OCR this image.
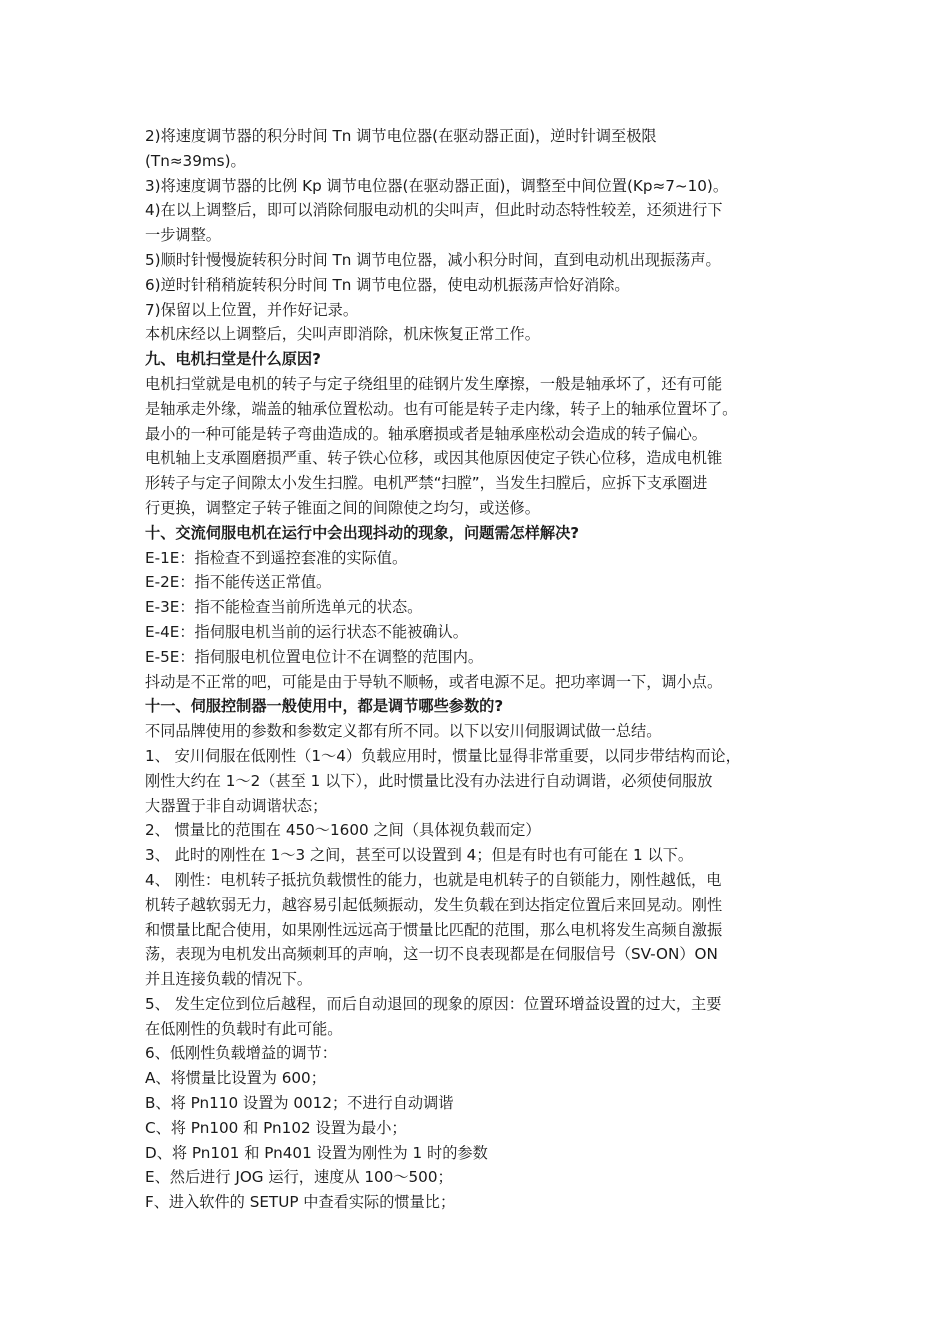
2)将速度调节器的积分时间 Tn 调节电位器(在驱动器正面)，逆时针调至极限
(Tn≈39ms)。
3)将速度调节器的比例 Kp 调节电位器(在驱动器正面)，调整至中间位置(Kp≈7~10)。
4)在以上调整后，即可以消除伺服电动机的尖叫声，但此时动态特性较差，还须进行下
一步调整。
5)顺时针慢慢旋转积分时间 Tn 调节电位器，减小积分时间，直到电动机出现振荡声。
6)逆时针稍稍旋转积分时间 Tn 调节电位器，使电动机振荡声恰好消除。
7)保留以上位置，并作好记录。
本机床经以上调整后，尖叫声即消除，机床恢复正常工作。
九、电机扫堂是什么原因?
电机扫堂就是电机的转子与定子绕组里的硅钢片发生摩擦，一般是轴承坏了，还有可能
是轴承走外缘，端盖的轴承位置松动。也有可能是转子走内缘，转子上的轴承位置坏了。
最小的一种可能是转子弯曲造成的。轴承磨损或者是轴承座松动会造成的转子偏心。
电机轴上支承圈磨损严重、转子铁心位移，或因其他原因使定子铁心位移，造成电机锥
形转子与定子间隙太小发生扫膛。电机严禁“扫膛”，当发生扫膛后，应拆下支承圈进
行更换，调整定子转子锥面之间的间隙使之均匀，或送修。
十、交流伺服电机在运行中会出现抖动的现象，问题需怎样解决?
E-1E：指检查不到遥控套准的实际值。
E-2E：指不能传送正常值。
E-3E：指不能检查当前所选单元的状态。
E-4E：指伺服电机当前的运行状态不能被确认。
E-5E：指伺服电机位置电位计不在调整的范围内。
抖动是不正常的吧，可能是由于导轨不顺畅，或者电源不足。把功率调一下，调小点。
十一、伺服控制器一般使用中，都是调节哪些参数的?
不同品牌使用的参数和参数定义都有所不同。以下以安川伺服调试做一总结。
1、 安川伺服在低刚性（1～4）负载应用时，惯量比显得非常重要，以同步带结构而论，
刚性大约在 1～2（甚至 1 以下），此时惯量比没有办法进行自动调谐，必须使伺服放
大器置于非自动调谐状态；
2、 惯量比的范围在 450～1600 之间（具体视负载而定）
3、 此时的刚性在 1～3 之间，甚至可以设置到 4；但是有时也有可能在 1 以下。
4、 刚性：电机转子抵抗负载惯性的能力，也就是电机转子的自锁能力，刚性越低，电
机转子越软弱无力，越容易引起低频振动，发生负载在到达指定位置后来回晃动。刚性
和惯量比配合使用，如果刚性远远高于惯量比匹配的范围，那么电机将发生高频自激振
荡，表现为电机发出高频刺耳的声响，这一切不良表现都是在伺服信号（SV-ON）ON
并且连接负载的情况下。
5、 发生定位到位后越程，而后自动退回的现象的原因：位置环增益设置的过大，主要
在低刚性的负载时有此可能。
6、低刚性负载增益的调节：
A、将惯量比设置为 600；
B、将 Pn110 设置为 0012；不进行自动调谐
C、将 Pn100 和 Pn102 设置为最小；
D、将 Pn101 和 Pn401 设置为刚性为 1 时的参数
E、然后进行 JOG 运行，速度从 100～500；
F、进入软件的 SETUP 中查看实际的惯量比；
